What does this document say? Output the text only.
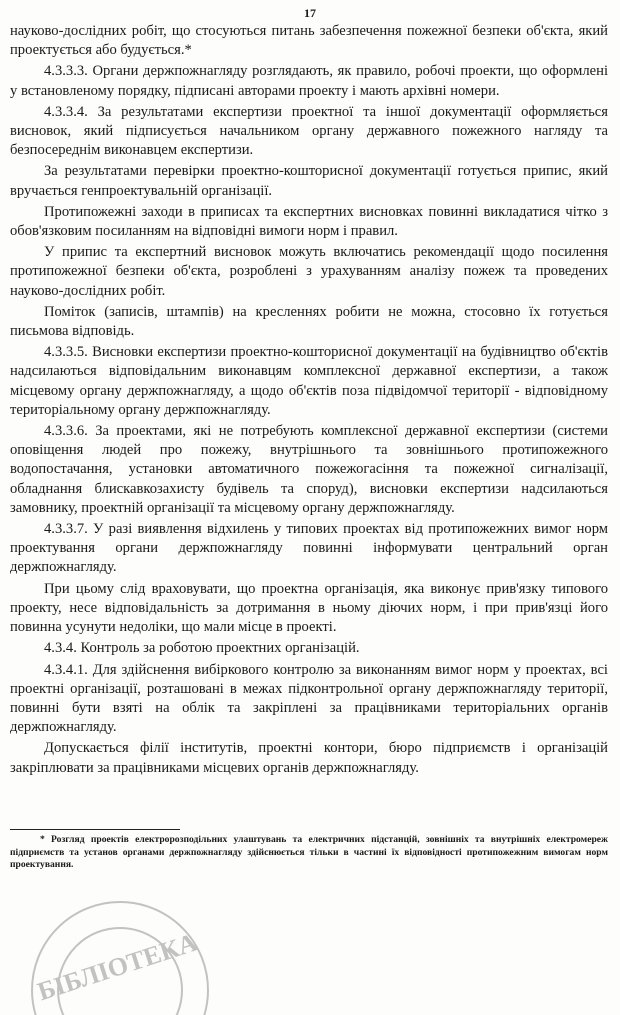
17

науково-дослідних робіт, що стосуються питань забезпечення пожежної безпеки об'єкта, який проектується або будується.*

4.3.3.3. Органи держпожнагляду розглядають, як правило, робочі проекти, що оформлені у встановленому порядку, підписані авторами проекту і мають архівні номери.

4.3.3.4. За результатами експертизи проектної та іншої документації оформляється висновок, який підписується начальником органу державного пожежного нагляду та безпосереднім виконавцем експертизи.

За результатами перевірки проектно-кошторисної документації готується припис, який вручається генпроектувальній організації.

Протипожежні заходи в приписах та експертних висновках повинні викладатися чітко з обов'язковим посиланням на відповідні вимоги норм і правил.

У припис та експертний висновок можуть включатись рекомендації щодо посилення протипожежної безпеки об'єкта, розроблені з урахуванням аналізу пожеж та проведених науково-дослідних робіт.

Поміток (записів, штампів) на кресленнях робити не можна, стосовно їх готується письмова відповідь.

4.3.3.5. Висновки експертизи проектно-кошторисної документації на будівництво об'єктів надсилаються відповідальним виконавцям комплексної державної експертизи, а також місцевому органу держпожнагляду, а щодо об'єктів поза підвідомчої території - відповідному територіальному органу держпожнагляду.

4.3.3.6. За проектами, які не потребують комплексної державної експертизи (системи оповіщення людей про пожежу, внутрішнього та зовнішнього протипожежного водопостачання, установки автоматичного пожежогасіння та пожежної сигналізації, обладнання блискавкозахисту будівель та споруд), висновки експертизи надсилаються замовнику, проектній організації та місцевому органу держпожнагляду.

4.3.3.7. У разі виявлення відхилень у типових проектах від протипожежних вимог норм проектування органи держпожнагляду повинні інформувати центральний орган держпожнагляду.

При цьому слід враховувати, що проектна організація, яка виконує прив'язку типового проекту, несе відповідальність за дотримання в ньому діючих норм, і при прив'язці його повинна усунути недоліки, що мали місце в проекті.

4.3.4. Контроль за роботою проектних організацій.

4.3.4.1. Для здійснення вибіркового контролю за виконанням вимог норм у проектах, всі проектні організації, розташовані в межах підконтрольної органу держпожнагляду території, повинні бути взяті на облік та закріплені за працівниками територіальних органів держпожнагляду.

Допускається філії інститутів, проектні контори, бюро підприємств і організацій закріплювати за працівниками місцевих органів держпожнагляду.

* Розгляд проектів електророзподільних улаштувань та електричних підстанцій, зовнішніх та внутрішніх електромереж підприємств та установ органами держпожнагляду здійснюється тільки в частині їх відповідності протипожежним вимогам норм проектування.
БІБЛІОТЕКА
